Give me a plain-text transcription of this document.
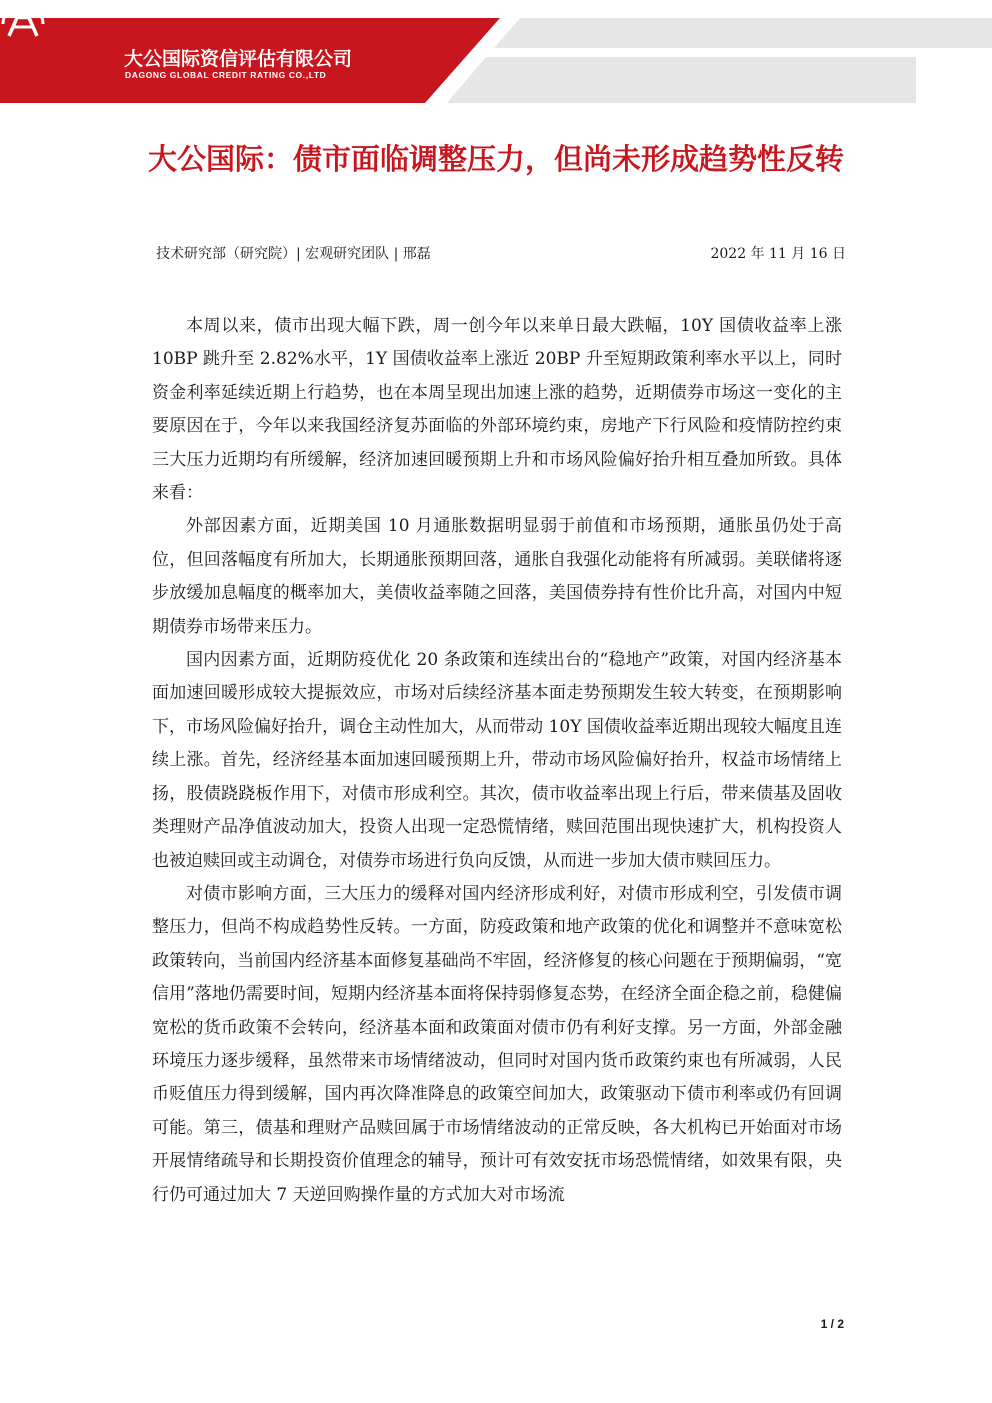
大公国际资信评估有限公司
DAGONG GLOBAL CREDIT RATING CO.,LTD
大公国际：债市面临调整压力，但尚未形成趋势性反转
技术研究部（研究院）| 宏观研究团队 | 邢磊	2022 年 11 月 16 日

本周以来，债市出现大幅下跌，周一创今年以来单日最大跌幅，10Y 国债收益率上涨 10BP 跳升至 2.82%水平，1Y 国债收益率上涨近 20BP 升至短期政策利率水平以上，同时资金利率延续近期上行趋势，也在本周呈现出加速上涨的趋势，近期债券市场这一变化的主要原因在于，今年以来我国经济复苏面临的外部环境约束，房地产下行风险和疫情防控约束三大压力近期均有所缓解，经济加速回暖预期上升和市场风险偏好抬升相互叠加所致。具体来看：

外部因素方面，近期美国 10 月通胀数据明显弱于前值和市场预期，通胀虽仍处于高位，但回落幅度有所加大，长期通胀预期回落，通胀自我强化动能将有所减弱。美联储将逐步放缓加息幅度的概率加大，美债收益率随之回落，美国债券持有性价比升高，对国内中短期债券市场带来压力。

国内因素方面，近期防疫优化 20 条政策和连续出台的“稳地产”政策，对国内经济基本面加速回暖形成较大提振效应，市场对后续经济基本面走势预期发生较大转变，在预期影响下，市场风险偏好抬升，调仓主动性加大，从而带动 10Y 国债收益率近期出现较大幅度且连续上涨。首先，经济经基本面加速回暖预期上升，带动市场风险偏好抬升，权益市场情绪上扬，股债跷跷板作用下，对债市形成利空。其次，债市收益率出现上行后，带来债基及固收类理财产品净值波动加大，投资人出现一定恐慌情绪，赎回范围出现快速扩大，机构投资人也被迫赎回或主动调仓，对债券市场进行负向反馈，从而进一步加大债市赎回压力。

对债市影响方面，三大压力的缓释对国内经济形成利好，对债市形成利空，引发债市调整压力，但尚不构成趋势性反转。一方面，防疫政策和地产政策的优化和调整并不意味宽松政策转向，当前国内经济基本面修复基础尚不牢固，经济修复的核心问题在于预期偏弱，“宽信用”落地仍需要时间，短期内经济基本面将保持弱修复态势，在经济全面企稳之前，稳健偏宽松的货币政策不会转向，经济基本面和政策面对债市仍有利好支撑。另一方面，外部金融环境压力逐步缓释，虽然带来市场情绪波动，但同时对国内货币政策约束也有所减弱，人民币贬值压力得到缓解，国内再次降准降息的政策空间加大，政策驱动下债市利率或仍有回调可能。第三，债基和理财产品赎回属于市场情绪波动的正常反映，各大机构已开始面对市场开展情绪疏导和长期投资价值理念的辅导，预计可有效安抚市场恐慌情绪，如效果有限，央行仍可通过加大 7 天逆回购操作量的方式加大对市场流

1 / 2
